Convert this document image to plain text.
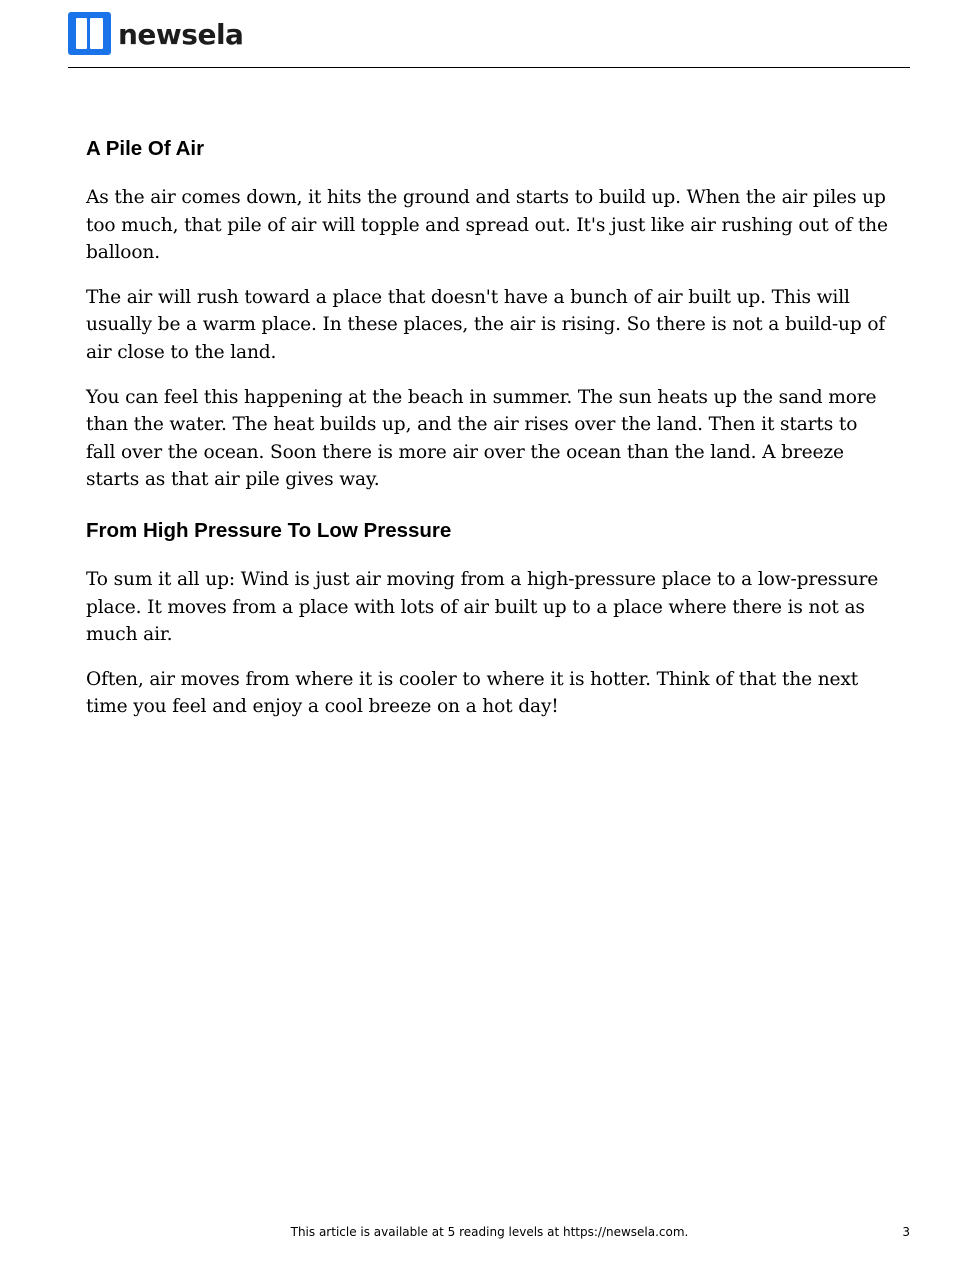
newsela
A Pile Of Air

As the air comes down, it hits the ground and starts to build up. When the air piles up too much, that pile of air will topple and spread out. It's just like air rushing out of the balloon.

The air will rush toward a place that doesn't have a bunch of air built up. This will usually be a warm place. In these places, the air is rising. So there is not a build-up of air close to the land.

You can feel this happening at the beach in summer. The sun heats up the sand more than the water. The heat builds up, and the air rises over the land. Then it starts to fall over the ocean. Soon there is more air over the ocean than the land. A breeze starts as that air pile gives way.

From High Pressure To Low Pressure

To sum it all up: Wind is just air moving from a high-pressure place to a low-pressure place. It moves from a place with lots of air built up to a place where there is not as much air.

Often, air moves from where it is cooler to where it is hotter. Think of that the next time you feel and enjoy a cool breeze on a hot day!

This article is available at 5 reading levels at https://newsela.com.	3
